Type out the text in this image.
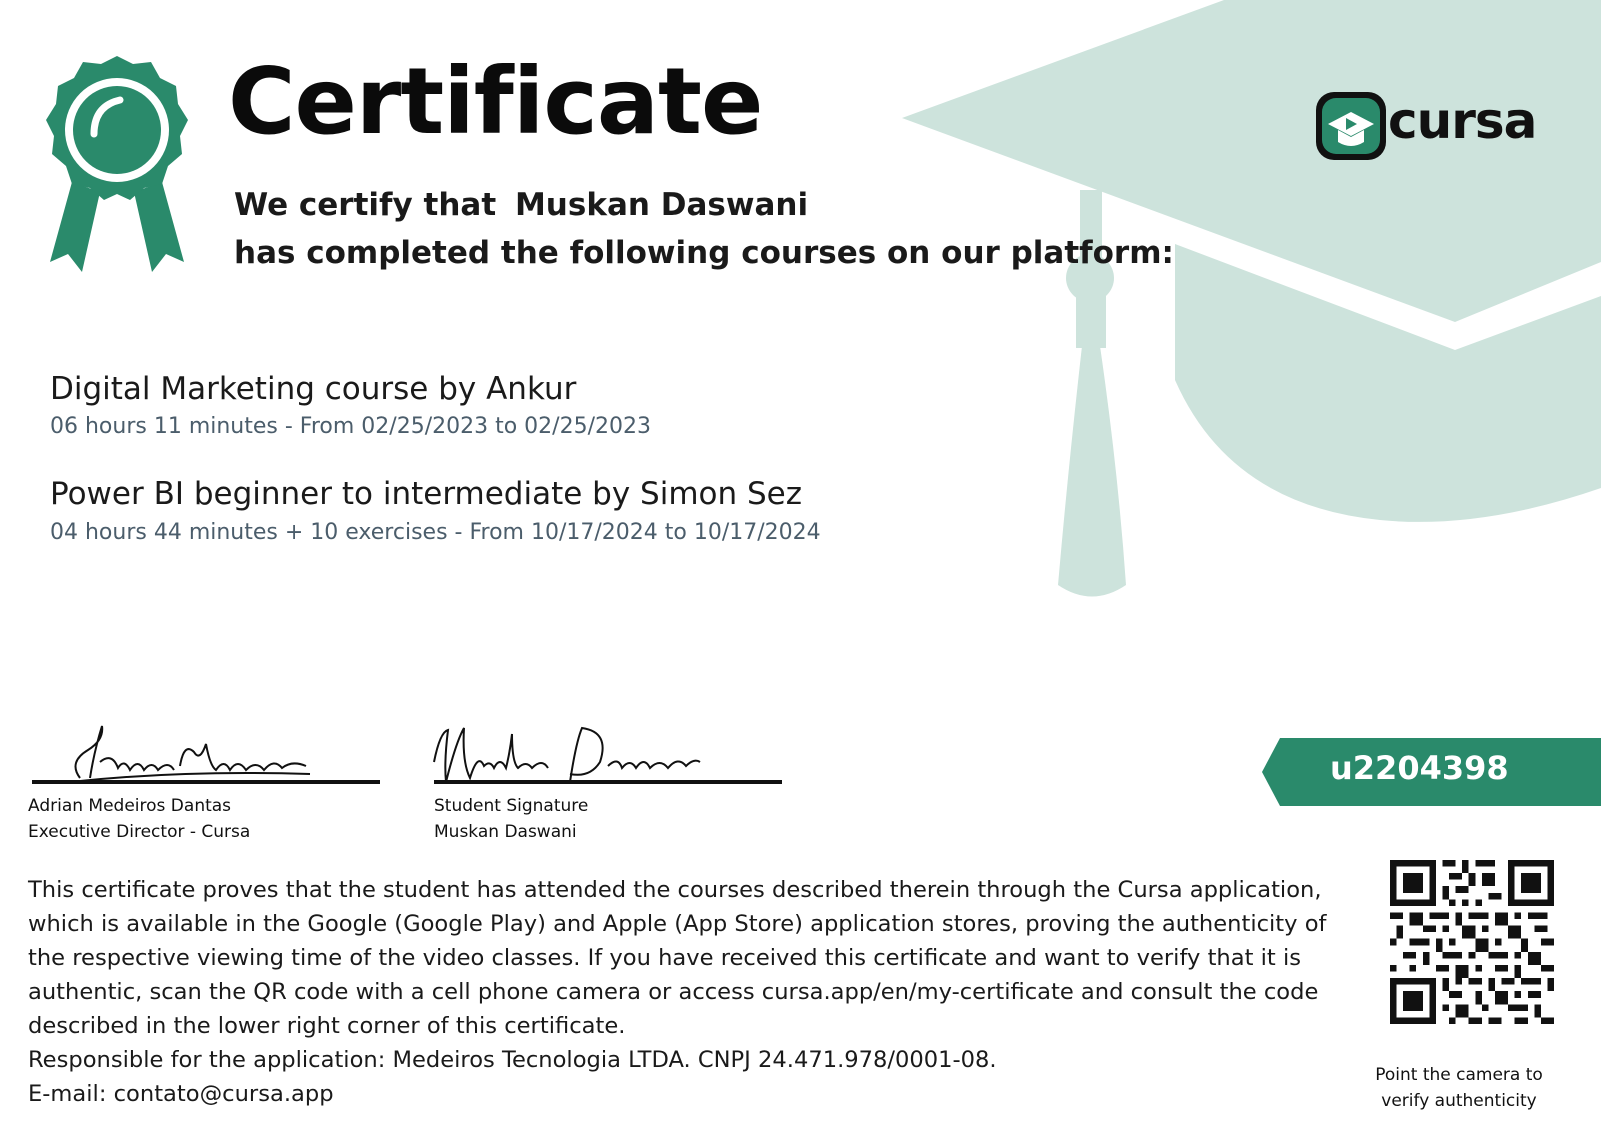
Certificate
We certify that Muskan Daswani
has completed the following courses on our platform:
cursa
Digital Marketing course by Ankur
06 hours 11 minutes - From 02/25/2023 to 02/25/2023
Power BI beginner to intermediate by Simon Sez
04 hours 44 minutes + 10 exercises - From 10/17/2024 to 10/17/2024
Adrian Medeiros Dantas
Executive Director - Cursa
Student Signature
Muskan Daswani
u2204398

This certificate proves that the student has attended the courses described therein through the Cursa application, which is available in the Google (Google Play) and Apple (App Store) application stores, proving the authenticity of the respective viewing time of the video classes. If you have received this certificate and want to verify that it is authentic, scan the QR code with a cell phone camera or access cursa.app/en/my-certificate and consult the code described in the lower right corner of this certificate.

Responsible for the application: Medeiros Tecnologia LTDA. CNPJ 24.471.978/0001-08.

E-mail: contato@cursa.app

Point the camera to verify authenticity
